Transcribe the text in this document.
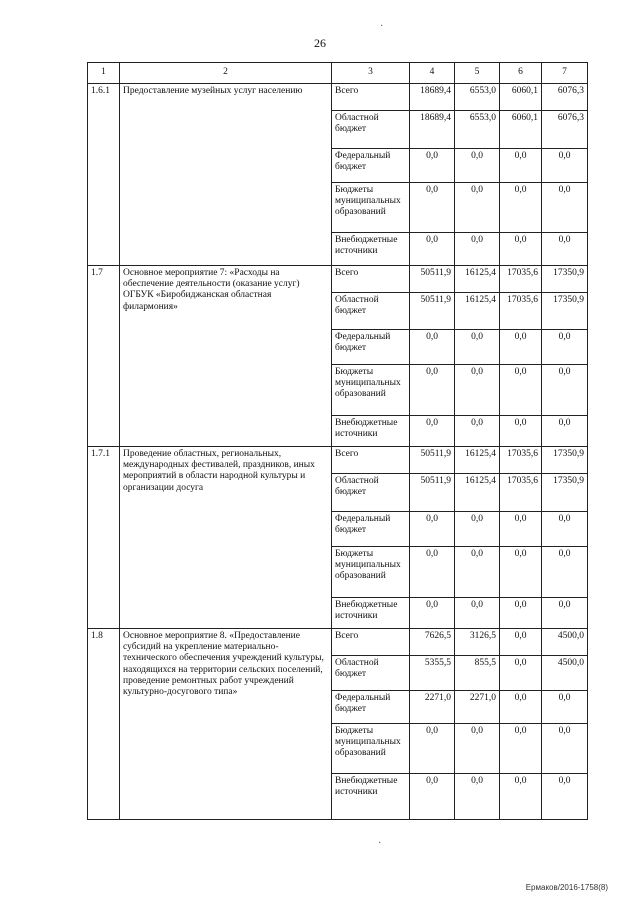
26
1	2	3	4	5	6	7
1.6.1	Предоставление музейных услуг населению	Всего	18689,4	6553,0	6060,1	6076,3
		Областной бюджет	18689,4	6553,0	6060,1	6076,3
		Федеральный бюджет	0,0	0,0	0,0	0,0
		Бюджеты муниципальных образований	0,0	0,0	0,0	0,0
		Внебюджетные источники	0,0	0,0	0,0	0,0
1.7	Основное мероприятие 7: «Расходы на обеспечение деятельности (оказание услуг) ОГБУК «Биробиджанская областная филармония»	Всего	50511,9	16125,4	17035,6	17350,9
		Областной бюджет	50511,9	16125,4	17035,6	17350,9
		Федеральный бюджет	0,0	0,0	0,0	0,0
		Бюджеты муниципальных образований	0,0	0,0	0,0	0,0
		Внебюджетные источники	0,0	0,0	0,0	0,0
1.7.1	Проведение областных, региональных, международных фестивалей, праздников, иных мероприятий в области народной культуры и организации досуга	Всего	50511,9	16125,4	17035,6	17350,9
		Областной бюджет	50511,9	16125,4	17035,6	17350,9
		Федеральный бюджет	0,0	0,0	0,0	0,0
		Бюджеты муниципальных образований	0,0	0,0	0,0	0,0
		Внебюджетные источники	0,0	0,0	0,0	0,0
1.8	Основное мероприятие 8. «Предоставление субсидий на укрепление материально-технического обеспечения учреждений культуры, находящихся на территории сельских поселений, проведение ремонтных работ учреждений культурно-досугового типа»	Всего	7626,5	3126,5	0,0	4500,0
		Областной бюджет	5355,5	855,5	0,0	4500,0
		Федеральный бюджет	2271,0	2271,0	0,0	0,0
		Бюджеты муниципальных образований	0,0	0,0	0,0	0,0
		Внебюджетные источники	0,0	0,0	0,0	0,0
·
·
Ермаков/2016-1758(8)
